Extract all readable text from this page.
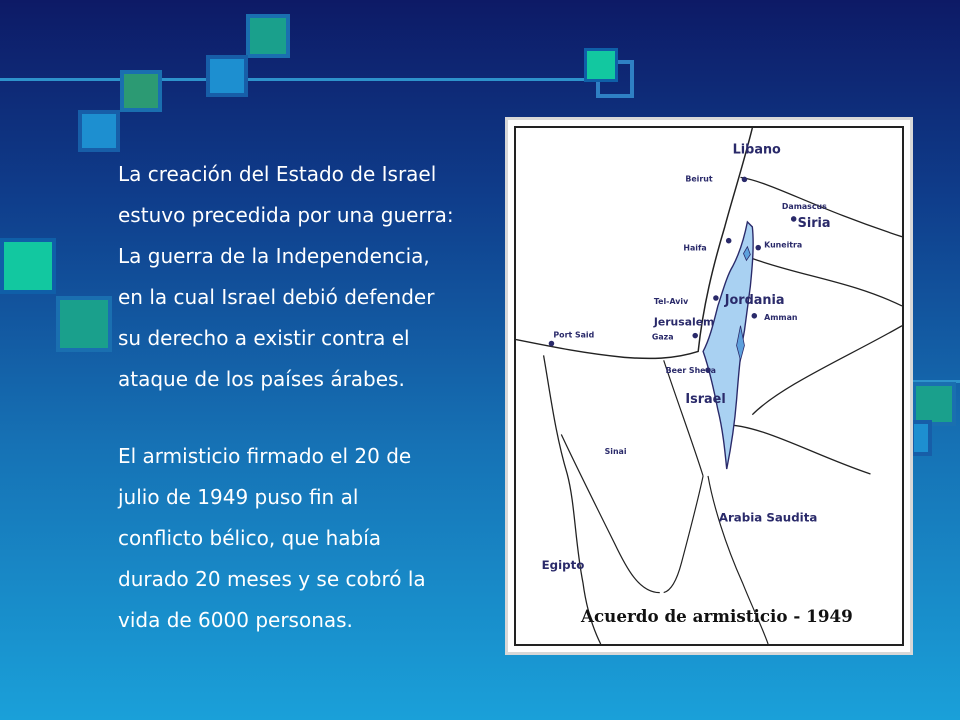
La creación del Estado de Israel
estuvo precedida por una guerra:
La guerra de la Independencia,
en la cual Israel debió defender
su derecho a existir contra el
ataque de los países árabes.
El armisticio firmado el 20 de
julio de 1949 puso fin al
conflicto bélico, que había
durado 20 meses y se cobró la
vida de 6000 personas.
Libano
Beirut
Damascus
Siria
Haifa	Kuneitra
Tel-Aviv	Jordania
Jerusalem	Amman
Gaza
Port Said
Beer Sheva
Israel
Sinai
Arabia Saudita
Egipto
Acuerdo de armisticio - 1949
